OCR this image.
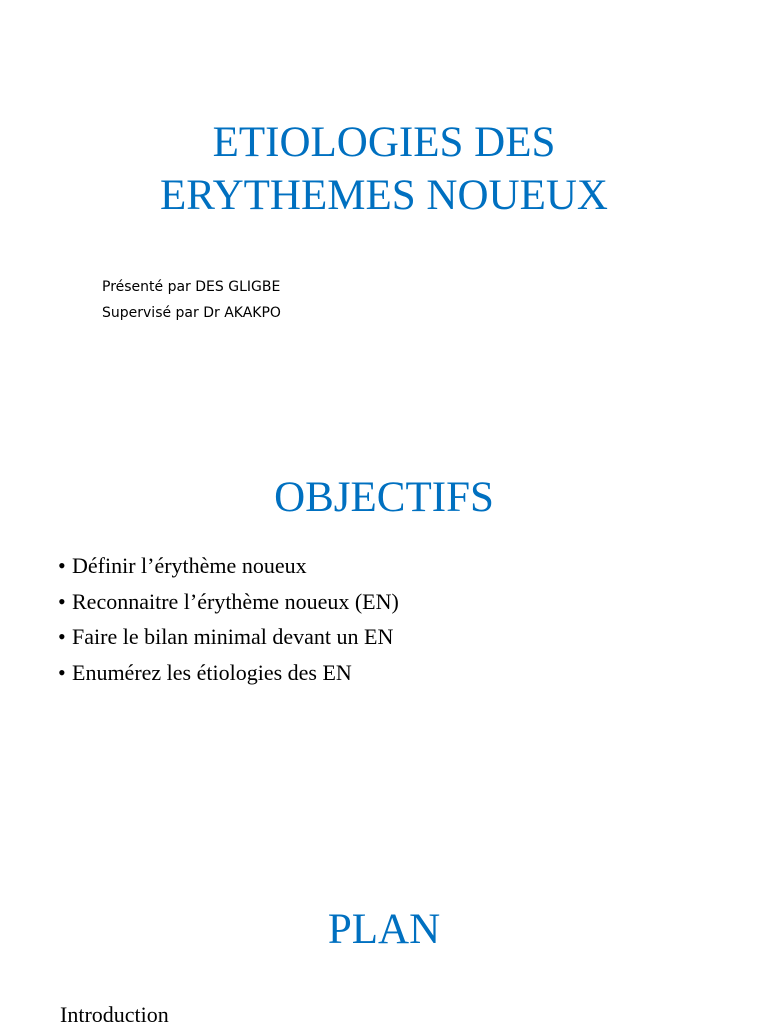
ETIOLOGIES DES
ERYTHEMES NOUEUX
Présenté par DES GLIGBE
Supervisé par Dr AKAKPO
OBJECTIFS
• Définir l’érythème noueux
• Reconnaitre l’érythème noueux (EN)
• Faire le bilan minimal devant un EN
• Enumérez les étiologies des EN
PLAN
Introduction
